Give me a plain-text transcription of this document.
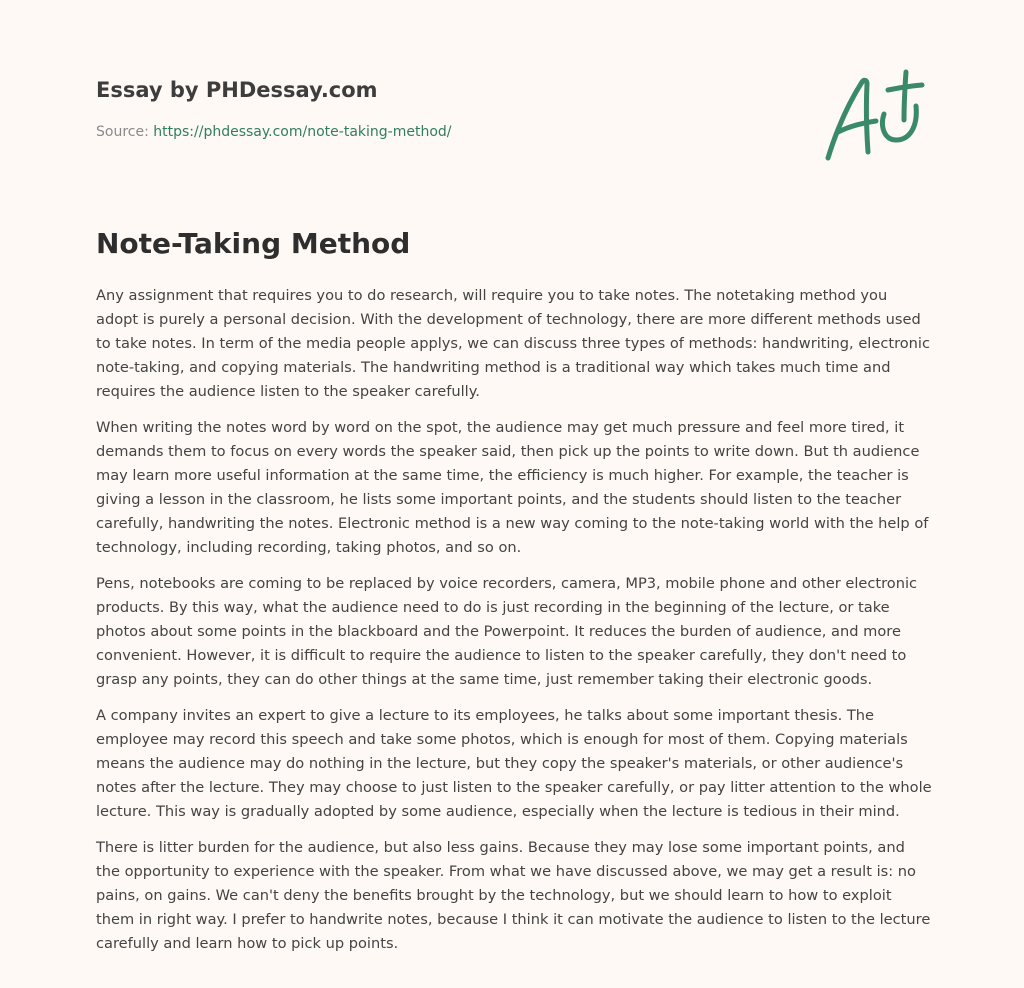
Essay by PHDessay.com
Source: https://phdessay.com/note-taking-method/
Note-Taking Method

Any assignment that requires you to do research, will require you to take notes. The notetaking method you adopt is purely a personal decision. With the development of technology, there are more different methods used to take notes. In term of the media people applys, we can discuss three types of methods: handwriting, electronic note-taking, and copying materials. The handwriting method is a traditional way which takes much time and requires the audience listen to the speaker carefully.

When writing the notes word by word on the spot, the audience may get much pressure and feel more tired, it demands them to focus on every words the speaker said, then pick up the points to write down. But th audience may learn more useful information at the same time, the efficiency is much higher. For example, the teacher is giving a lesson in the classroom, he lists some important points, and the students should listen to the teacher carefully, handwriting the notes. Electronic method is a new way coming to the note-taking world with the help of technology, including recording, taking photos, and so on.

Pens, notebooks are coming to be replaced by voice recorders, camera, MP3, mobile phone and other electronic products. By this way, what the audience need to do is just recording in the beginning of the lecture, or take photos about some points in the blackboard and the Powerpoint. It reduces the burden of audience, and more convenient. However, it is difficult to require the audience to listen to the speaker carefully, they don't need to grasp any points, they can do other things at the same time, just remember taking their electronic goods.

A company invites an expert to give a lecture to its employees, he talks about some important thesis. The employee may record this speech and take some photos, which is enough for most of them. Copying materials means the audience may do nothing in the lecture, but they copy the speaker's materials, or other audience's notes after the lecture. They may choose to just listen to the speaker carefully, or pay litter attention to the whole lecture. This way is gradually adopted by some audience, especially when the lecture is tedious in their mind.

There is litter burden for the audience, but also less gains. Because they may lose some important points, and the opportunity to experience with the speaker. From what we have discussed above, we may get a result is: no pains, on gains. We can't deny the benefits brought by the technology, but we should learn to how to exploit them in right way. I prefer to handwrite notes, because I think it can motivate the audience to listen to the lecture carefully and learn how to pick up points.
